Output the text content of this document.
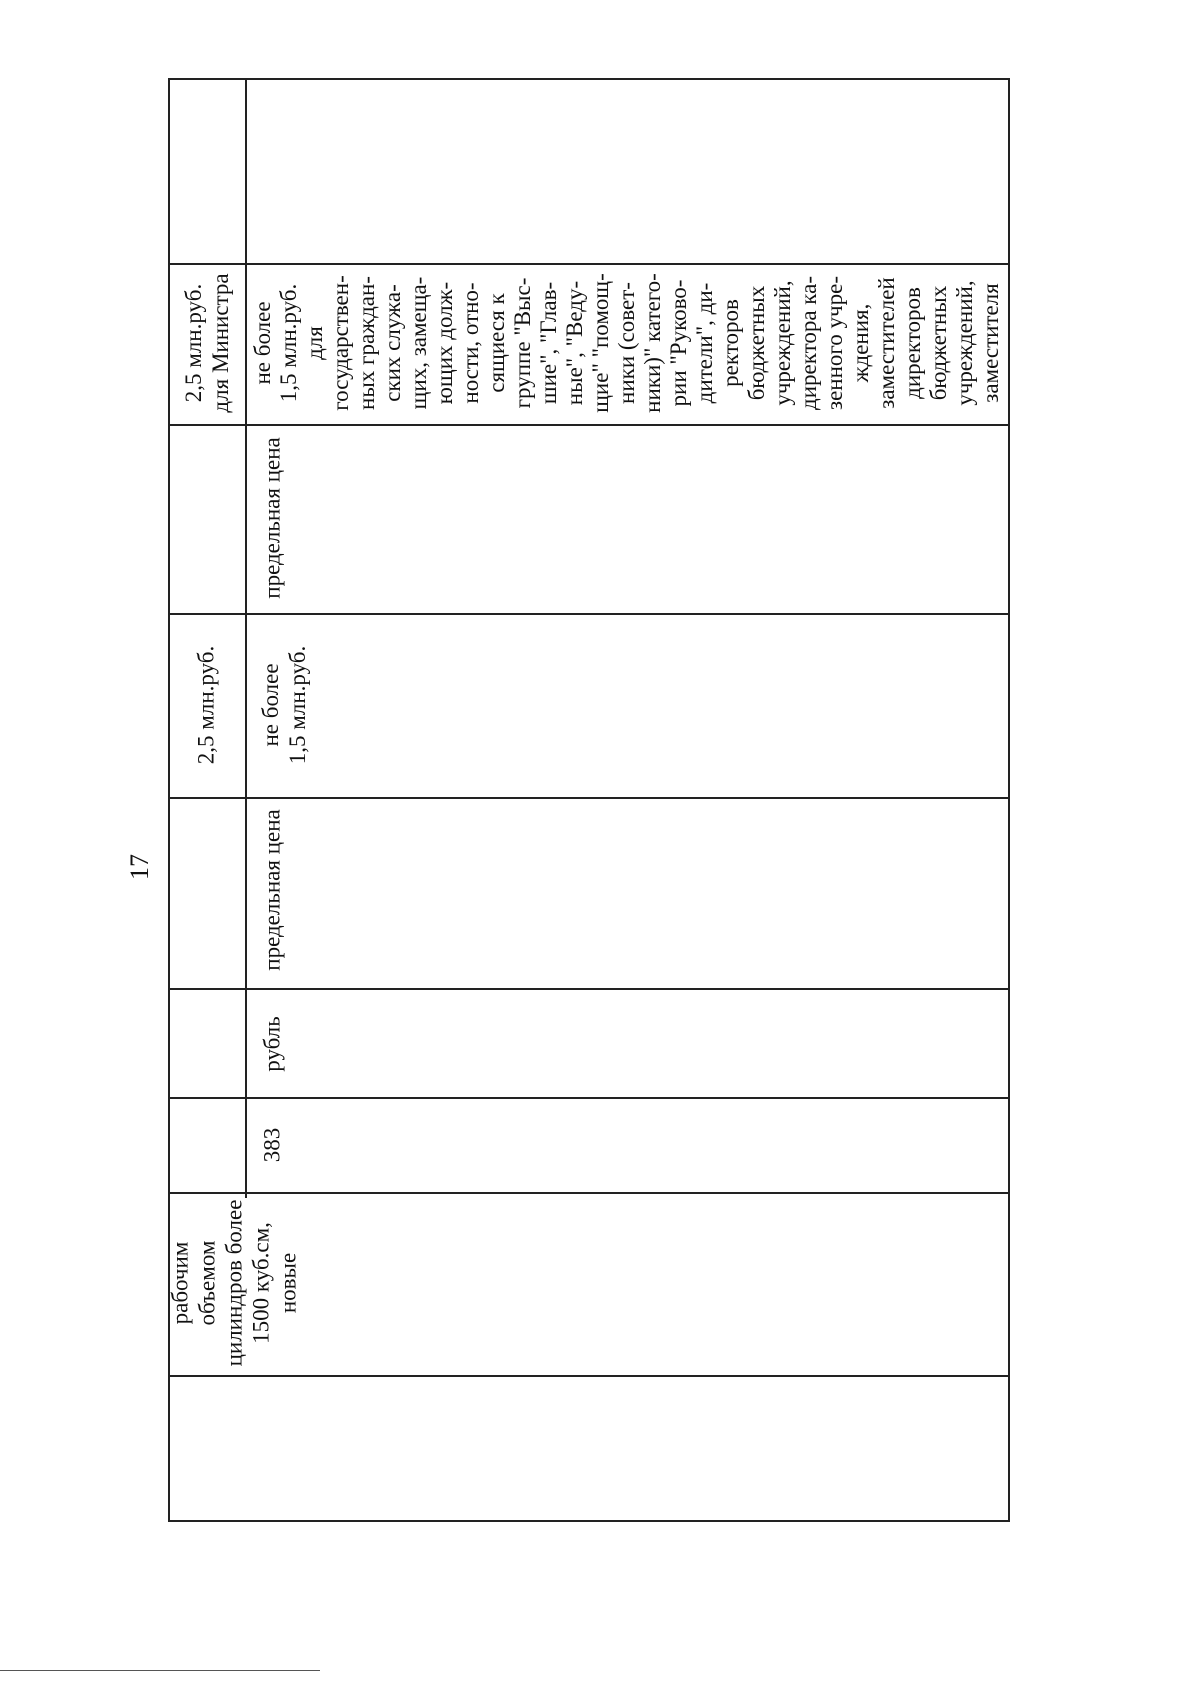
17
рабочим объемом цилиндров более 1500 куб.см, новые
383
рубль
предельная цена
2,5 млн.руб. не более 1,5 млн.руб.
предельная цена
2,5 млн.руб. для Министра не более 1,5 млн.руб. для государствен- ных граждан- ских служа- щих, замеща- ющих долж- ности, отно- сящиеся к группе "Выс- шие", "Глав- ные", "Веду- щие" "помощ- ники (совет- ники)" катего- рии "Руково- дители", ди- ректоров бюджетных учреждений, директора ка- зенного учре- ждения, заместителей директоров бюджетных учреждений, заместителя
